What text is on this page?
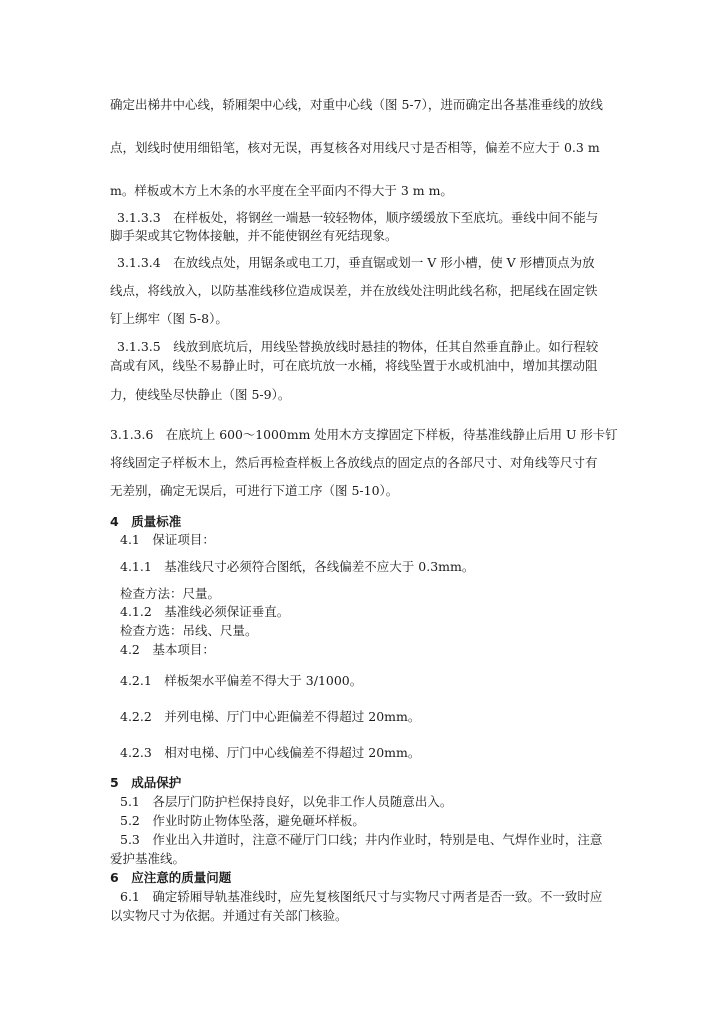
确定出梯井中心线，轿厢架中心线，对重中心线（图 5-7），进而确定出各基准垂线的放线
点，划线时使用细铅笔，核对无误，再复核各对用线尺寸是否相等，偏差不应大于 0.3 m
m。样板或木方上木条的水平度在全平面内不得大于 3 m m。
3.1.3.3　在样板处，将钢丝一端悬一较轻物体，顺序缓缓放下至底坑。垂线中间不能与
脚手架或其它物体接触，并不能使钢丝有死结现象。
3.1.3.4　在放线点处，用锯条或电工刀，垂直锯或划一 V 形小槽，使 V 形槽顶点为放
线点，将线放入，以防基准线移位造成误差，并在放线处注明此线名称，把尾线在固定铁
钉上绑牢（图 5-8）。
3.1.3.5　线放到底坑后，用线坠替换放线时悬挂的物体，任其自然垂直静止。如行程较
高或有风，线坠不易静止时，可在底坑放一水桶，将线坠置于水或机油中，增加其摆动阻
力，使线坠尽快静止（图 5-9）。
3.1.3.6　在底坑上 600～1000mm 处用木方支撑固定下样板，待基准线静止后用 U 形卡钉
将线固定子样板木上，然后再检查样板上各放线点的固定点的各部尺寸、对角线等尺寸有
无差别，确定无误后，可进行下道工序（图 5-10）。
4　质量标准
4.1　保证项目：
4.1.1　基准线尺寸必须符合图纸，各线偏差不应大于 0.3mm。
检查方法：尺量。
4.1.2　基准线必须保证垂直。
检查方选：吊线、尺量。
4.2　基本项目：
4.2.1　样板架水平偏差不得大于 3/1000。
4.2.2　并列电梯、厅门中心距偏差不得超过 20mm。
4.2.3　相对电梯、厅门中心线偏差不得超过 20mm。
5　成品保护
5.1　各层厅门防护栏保持良好，以免非工作人员随意出入。
5.2　作业时防止物体坠落，避免砸坏样板。
5.3　作业出入井道时，注意不碰厅门口线；井内作业时，特别是电、气焊作业时，注意
爱护基准线。
6　应注意的质量问题
6.1　确定轿厢导轨基准线时，应先复核图纸尺寸与实物尺寸两者是否一致。不一致时应
以实物尺寸为依据。并通过有关部门核验。
